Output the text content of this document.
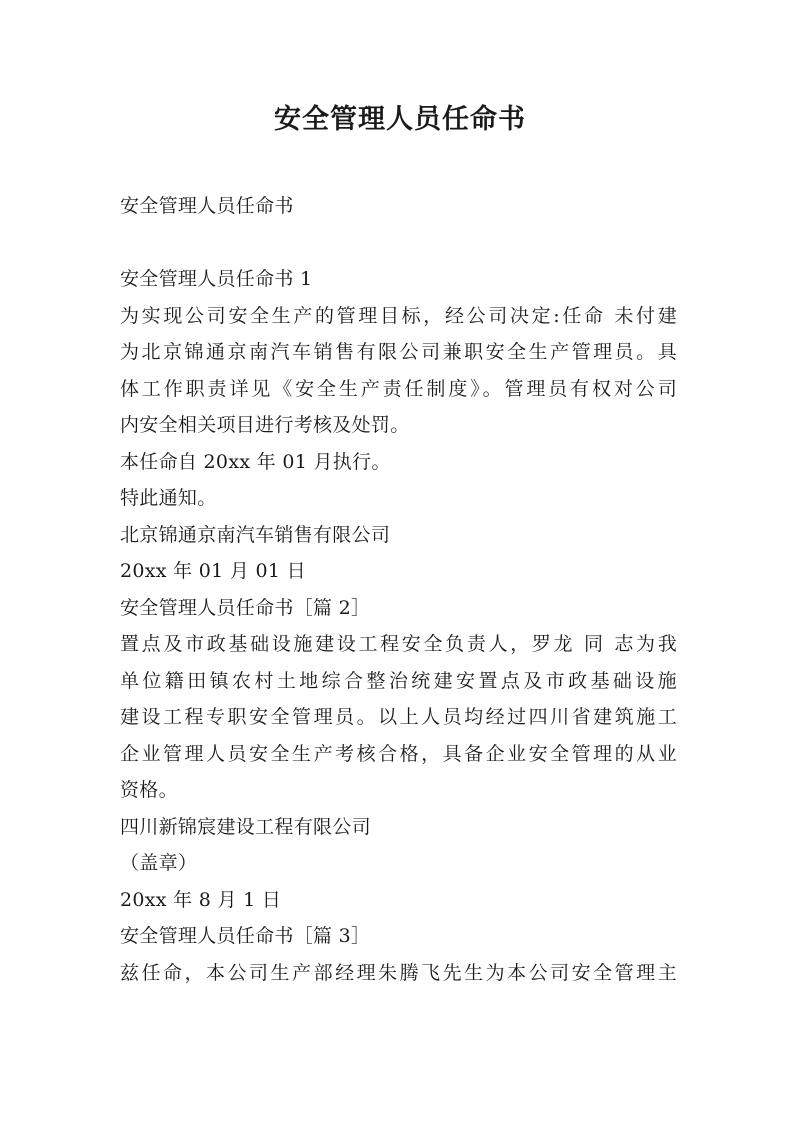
安全管理人员任命书
安全管理人员任命书
安全管理人员任命书 1
为实现公司安全生产的管理目标，经公司决定:任命 未付建
为北京锦通京南汽车销售有限公司兼职安全生产管理员。具
体工作职责详见《安全生产责任制度》。管理员有权对公司
内安全相关项目进行考核及处罚。
本任命自 20xx 年 01 月执行。
特此通知。
北京锦通京南汽车销售有限公司
20xx 年 01 月 01 日
安全管理人员任命书［篇 2］
置点及市政基础设施建设工程安全负责人，罗龙 同 志为我
单位籍田镇农村土地综合整治统建安置点及市政基础设施
建设工程专职安全管理员。以上人员均经过四川省建筑施工
企业管理人员安全生产考核合格，具备企业安全管理的从业
资格。
四川新锦宸建设工程有限公司
（盖章）
20xx 年 8 月 1 日
安全管理人员任命书［篇 3］
兹任命，本公司生产部经理朱腾飞先生为本公司安全管理主
